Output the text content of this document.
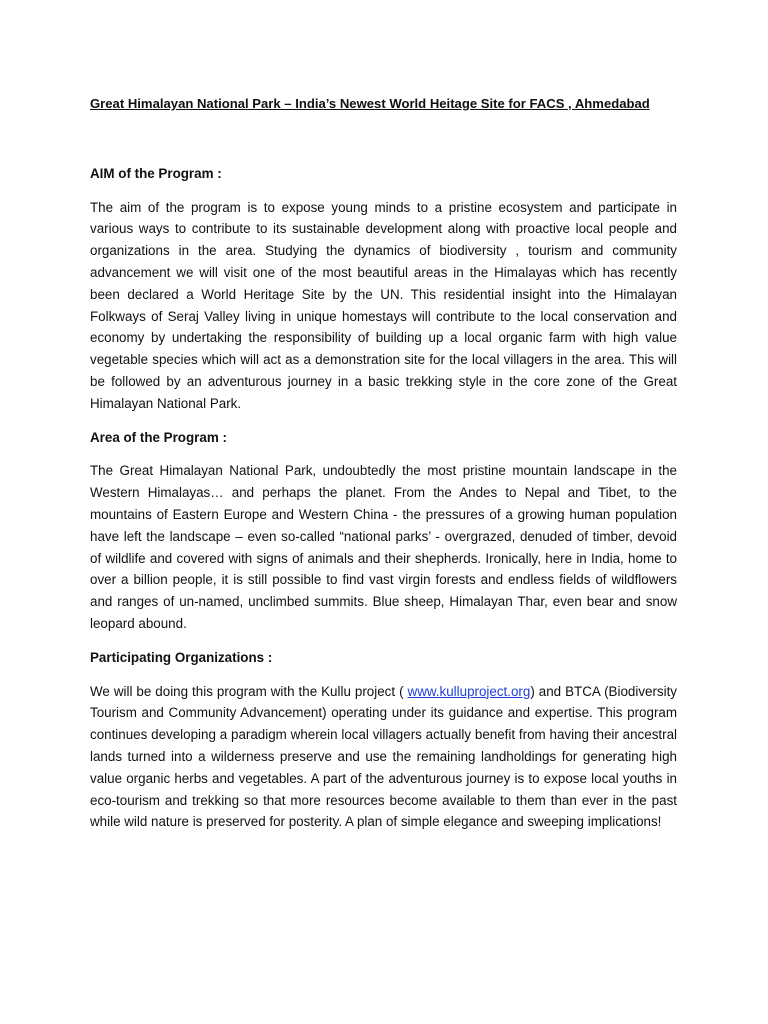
Great Himalayan National Park – India’s Newest World Heitage Site for FACS , Ahmedabad

AIM of the Program :

The aim of the program is to expose young minds to a pristine ecosystem and participate in various ways to contribute to its sustainable development along with proactive local people and organizations in the area. Studying the dynamics of biodiversity , tourism and community advancement we will visit one of the most beautiful areas in the Himalayas which has recently been declared a World Heritage Site by the UN. This residential insight into the Himalayan Folkways of Seraj Valley living in unique homestays will contribute to the local conservation and economy by undertaking the responsibility of building up a local organic farm with high value vegetable species which will act as a demonstration site for the local villagers in the area. This will be followed by an adventurous journey in a basic trekking style in the core zone of the Great Himalayan National Park.

Area of the Program :

The Great Himalayan National Park, undoubtedly the most pristine mountain landscape in the Western Himalayas… and perhaps the planet. From the Andes to Nepal and Tibet, to the mountains of Eastern Europe and Western China - the pressures of a growing human population have left the landscape – even so-called “national parks’ - overgrazed, denuded of timber, devoid of wildlife and covered with signs of animals and their shepherds. Ironically, here in India, home to over a billion people, it is still possible to find vast virgin forests and endless fields of wildflowers and ranges of un-named, unclimbed summits. Blue sheep, Himalayan Thar, even bear and snow leopard abound.

Participating Organizations :

We will be doing this program with the Kullu project ( www.kulluproject.org) and BTCA (Biodiversity Tourism and Community Advancement) operating under its guidance and expertise. This program continues developing a paradigm wherein local villagers actually benefit from having their ancestral lands turned into a wilderness preserve and use the remaining landholdings for generating high value organic herbs and vegetables. A part of the adventurous journey is to expose local youths in eco-tourism and trekking so that more resources become available to them than ever in the past while wild nature is preserved for posterity. A plan of simple elegance and sweeping implications!
